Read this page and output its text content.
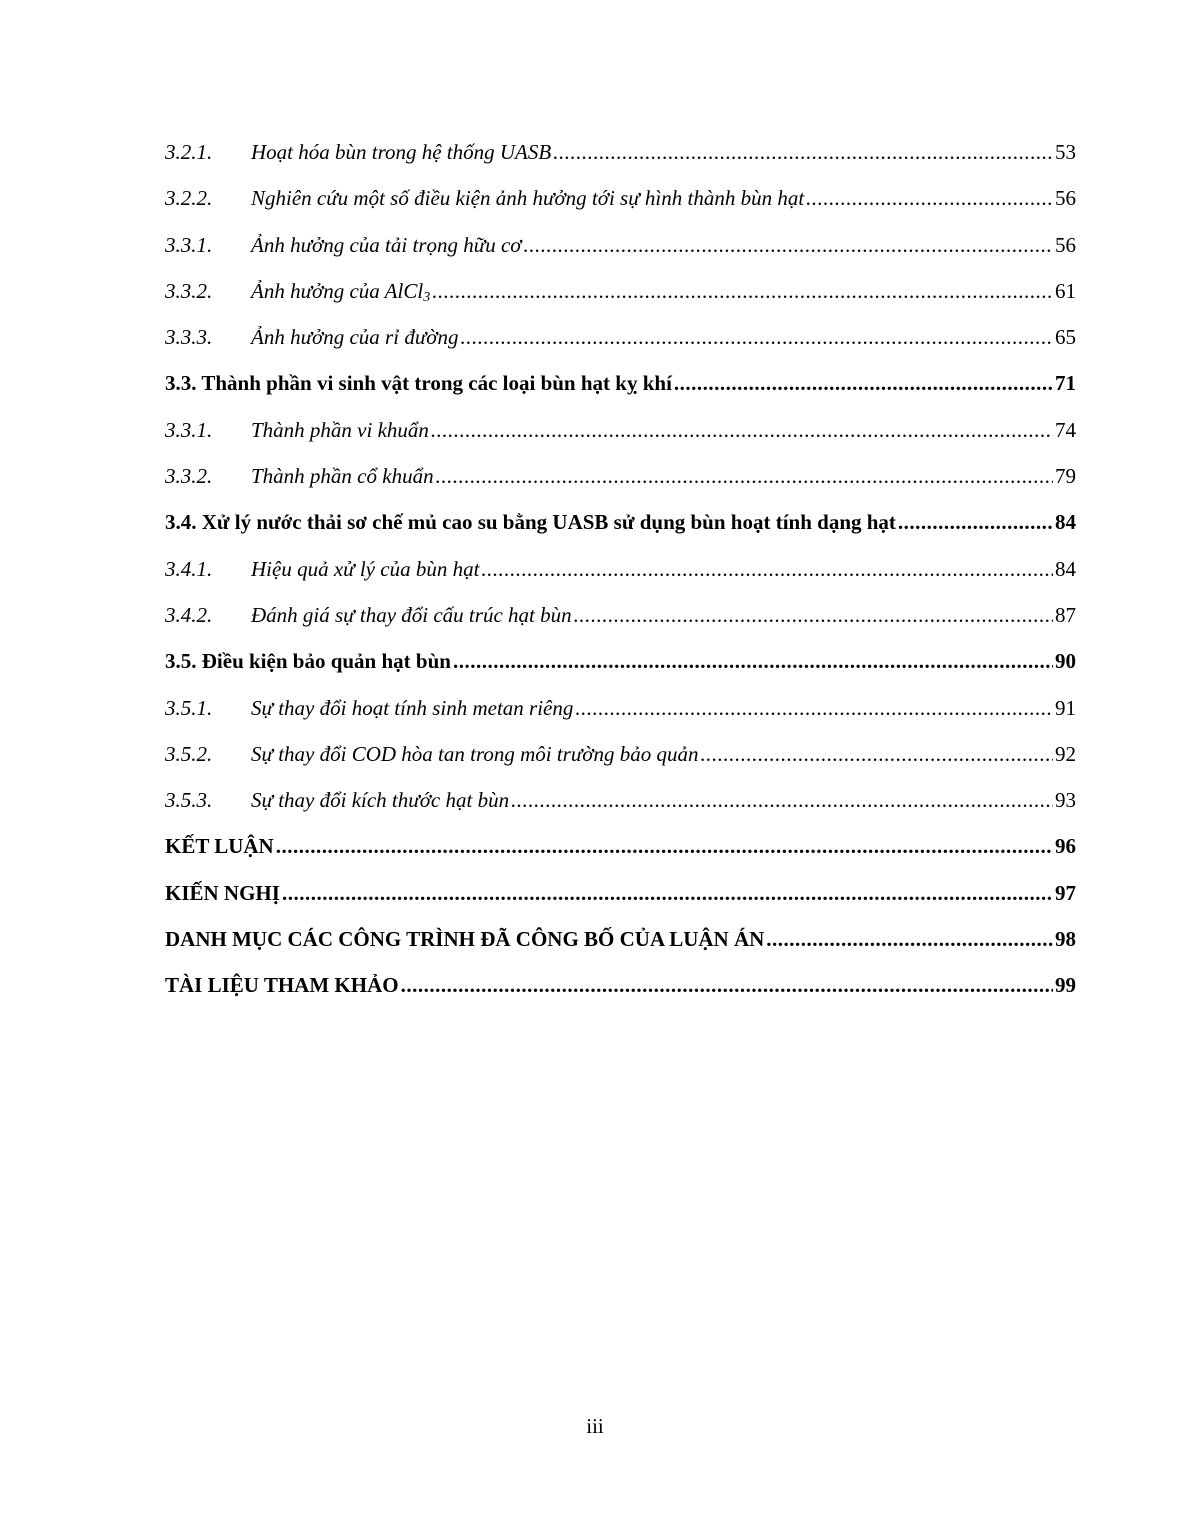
3.2.1.	Hoạt hóa bùn trong hệ thống UASB .....	53
3.2.2.	Nghiên cứu một số điều kiện ảnh hưởng tới sự hình thành bùn hạt .....	56
3.3.1.	Ảnh hưởng của tải trọng hữu cơ .....	56
3.3.2.	Ảnh hưởng của AlCl$_3$ .....	61
3.3.3.	Ảnh hưởng của rỉ đường .....	65
3.3. Thành phần vi sinh vật trong các loại bùn hạt kỵ khí .....	71
3.3.1.	Thành phần vi khuẩn .....	74
3.3.2.	Thành phần cổ khuẩn .....	79
3.4. Xử lý nước thải sơ chế mủ cao su bằng UASB sử dụng bùn hoạt tính dạng hạt .....	84
3.4.1.	Hiệu quả xử lý của bùn hạt .....	84
3.4.2.	Đánh giá sự thay đổi cấu trúc hạt bùn .....	87
3.5. Điều kiện bảo quản hạt bùn .....	90
3.5.1.	Sự thay đổi hoạt tính sinh metan riêng .....	91
3.5.2.	Sự thay đổi COD hòa tan trong môi trường bảo quản .....	92
3.5.3.	Sự thay đổi kích thước hạt bùn .....	93
KẾT LUẬN .....	96
KIẾN NGHỊ .....	97
DANH MỤC CÁC CÔNG TRÌNH ĐÃ CÔNG BỐ CỦA LUẬN ÁN .....	98
TÀI LIỆU THAM KHẢO .....	99
iii
